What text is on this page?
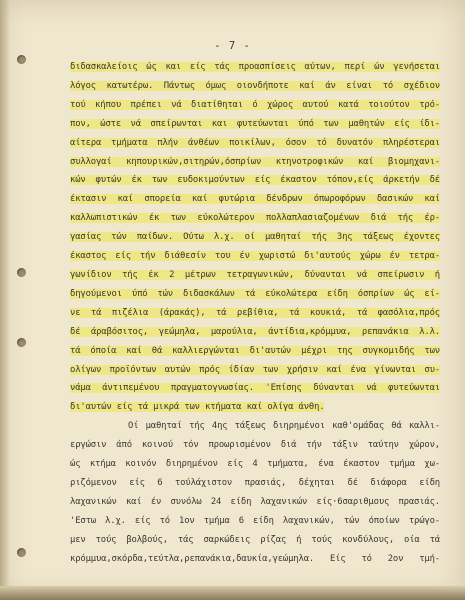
- 7 -
διδασκαλείοις ώς και είς τάς προασπίσεις αύτων, περί ών γενήσεται
λόγος κατωτέρω. Πάντως όμως οιονδήποτε καί άν είναι τό σχέδιον
τού κήπου πρέπει νά διατίθηται ό χώρος αυτού κατά τοιούτον τρό-
πον, ώστε νά σπείρωνται και φυτεύωνται ύπό των μαθητών είς ίδι-
αίτερα τμήματα πλήν άνθέων ποικίλων, όσον τό δυνατόν πληρέστεραι
συλλογαί κηπουρικών,σιτηρών,όσπρίων κτηνοτροφικών καί βιομηχανι-
κών φυτών έκ των ευδοκιμούντων είς έκαστον τόπον,είς άρκετήν δέ
έκτασιν καί σπορεία καί φυτώρια δένδρων όπωροφόρων δασικών καί
καλλωπιστικών έκ των εύκολώτερον πολλαπλασιαζομένων διά τής έρ-
γασίας τών παίδων. Ούτω λ.χ. οί μαθηταί τής 3ης τάξεως έχοντες
έκαστος είς τήν διάθεσίν του έν χωριστώ δι'αυτούς χώρω έν τετρα-
γωνίδιον τής έκ 2 μέτρων τετραγωνικών, δύνανται νά σπείρωσιν ή
δηγούμενοι ύπό τών διδασκάλων τά εύκολώτερα είδη όσπρίων ώς εί-
νε τά πιζέλια (άρακάς), τά ρεβίθια, τά κουκιά, τά φασόλια,πρός
δέ άραβόσιτος, γεώμηλα, μαρούλια, άντίδια,κρόμμυα, ρεπανάκια λ.λ.
τά όποία καί θά καλλιεργώνται δι'αυτών μέχρι της συγκομιδής των
ολίγων προϊόντων αυτών πρός ίδίαν των χρήσιν καί ένα γίνωνται συ-
νάμα άντιπεμένου πραγματογνωσίας. 'Επίσης δύνανται νά φυτεύωνται
δι'αυτών είς τά μικρά των κτήματα καί ολίγα άνθη.
Οί μαθηταί τής 4ης τάξεως διηρημένοι καθ'ομάδας θά καλλι-
εργώσιν άπό κοινού τόν προωρισμένον διά τήν τάξιν ταύτην χώρον,
ώς κτήμα κοινόν διηρημένον είς 4 τμήματα, ένα έκαστον τμήμα χω-
ριζόμενον είς 6 τούλάχιστον πρασιάς, δέχηται δέ διάφορα είδη
λαχανικών καί έν συνόλω 24 είδη λαχανικών είς·6σαριθμους πρασιάς.
'Εστω λ.χ. είς τό 1ον τμήμα 6 είδη λαχανικών, τών όποίων τρώγο-
μεν τούς βολβούς, τάς σαρκώδεις ρίζας ή τούς κονδύλους, οία τά
κρόμμυα,σκόρδα,τεύτλα,ρεπανάκια,δαυκία,γεώμηλα. Είς τό 2ον τμή-
